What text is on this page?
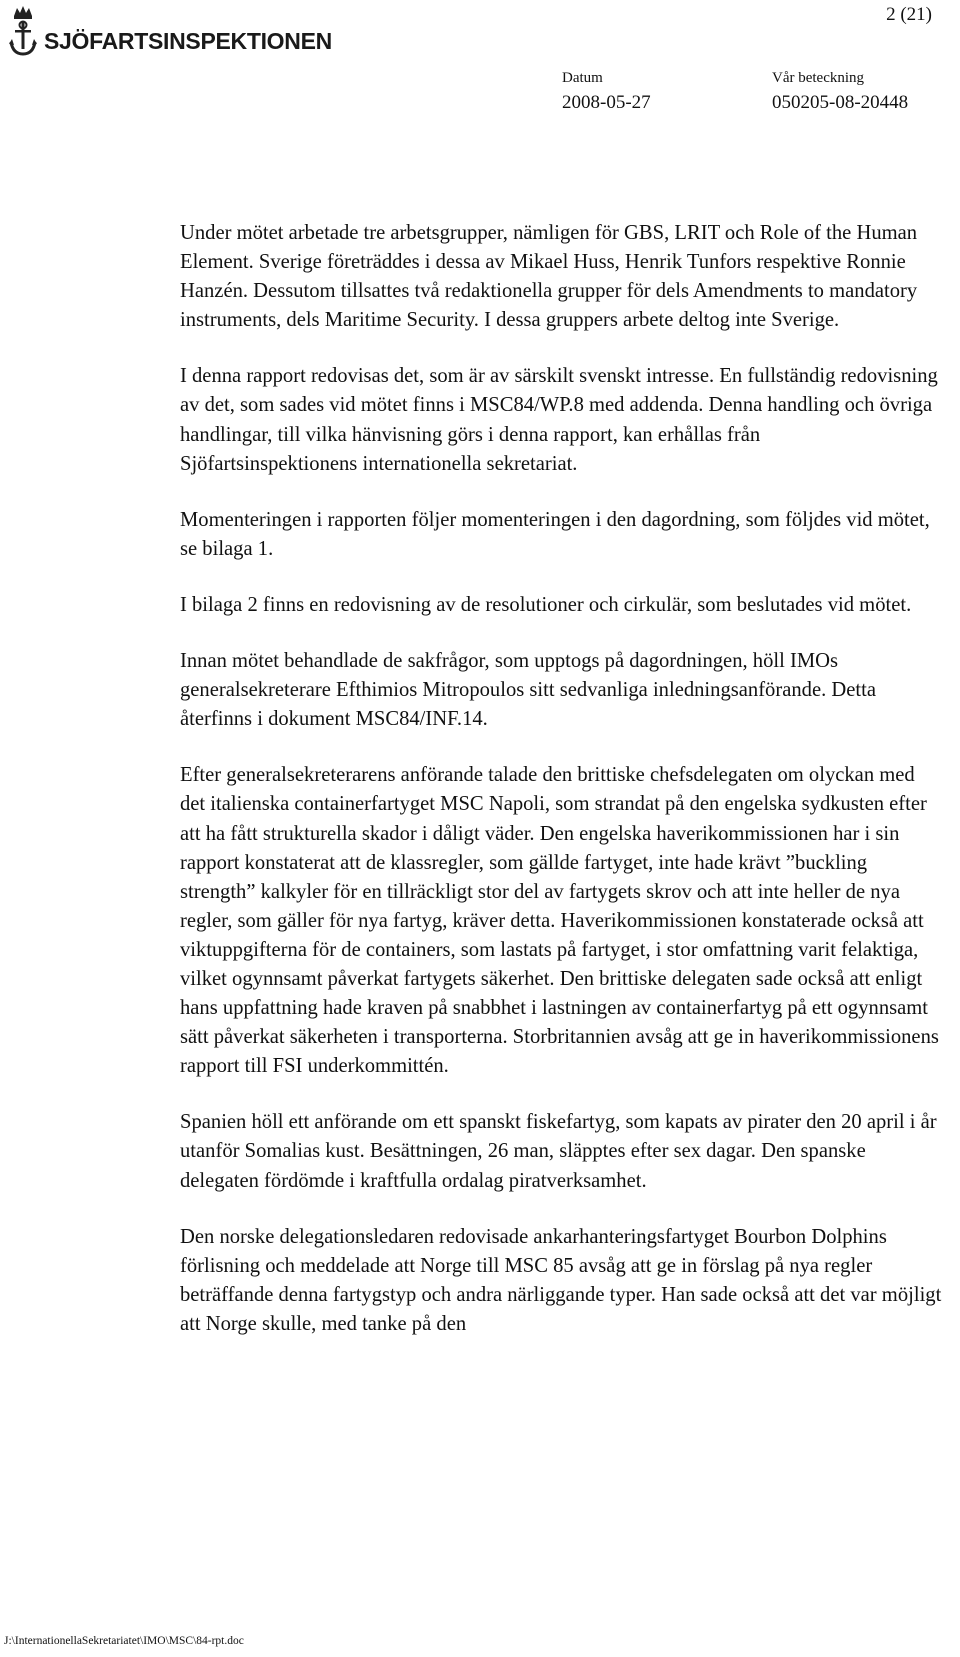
2 (21)
SJÖFARTSINSPEKTIONEN
Datum
2008-05-27
Vår beteckning
050205-08-20448

Under mötet arbetade tre arbetsgrupper, nämligen för GBS, LRIT och Role of the Human Element. Sverige företräddes i dessa av Mikael Huss, Henrik Tunfors respektive Ronnie Hanzén. Dessutom tillsattes två redaktionella grupper för dels Amendments to mandatory instruments, dels Maritime Security. I dessa gruppers arbete deltog inte Sverige.

I denna rapport redovisas det, som är av särskilt svenskt intresse. En fullständig redovisning av det, som sades vid mötet finns i MSC84/WP.8 med addenda. Denna handling och övriga handlingar, till vilka hänvisning görs i denna rapport, kan erhållas från Sjöfartsinspektionens internationella sekretariat.

Momenteringen i rapporten följer momenteringen i den dagordning, som följdes vid mötet, se bilaga 1.

I bilaga 2 finns en redovisning av de resolutioner och cirkulär, som beslutades vid mötet.

Innan mötet behandlade de sakfrågor, som upptogs på dagordningen, höll IMOs generalsekreterare Efthimios Mitropoulos sitt sedvanliga inledningsanförande. Detta återfinns i dokument MSC84/INF.14.

Efter generalsekreterarens anförande talade den brittiske chefsdelegaten om olyckan med det italienska containerfartyget MSC Napoli, som strandat på den engelska sydkusten efter att ha fått strukturella skador i dåligt väder. Den engelska haverikommissionen har i sin rapport konstaterat att de klassregler, som gällde fartyget, inte hade krävt ”buckling strength” kalkyler för en tillräckligt stor del av fartygets skrov och att inte heller de nya regler, som gäller för nya fartyg, kräver detta. Haverikommissionen konstaterade också att viktuppgifterna för de containers, som lastats på fartyget, i stor omfattning varit felaktiga, vilket ogynnsamt påverkat fartygets säkerhet. Den brittiske delegaten sade också att enligt hans uppfattning hade kraven på snabbhet i lastningen av containerfartyg på ett ogynnsamt sätt påverkat säkerheten i transporterna. Storbritannien avsåg att ge in haverikommissionens rapport till FSI underkommittén.

Spanien höll ett anförande om ett spanskt fiskefartyg, som kapats av pirater den 20 april i år utanför Somalias kust. Besättningen, 26 man, släpptes efter sex dagar. Den spanske delegaten fördömde i kraftfulla ordalag piratverksamhet.

Den norske delegationsledaren redovisade ankarhanteringsfartyget Bourbon Dolphins förlisning och meddelade att Norge till MSC 85 avsåg att ge in förslag på nya regler beträffande denna fartygstyp och andra närliggande typer. Han sade också att det var möjligt att Norge skulle, med tanke på den

J:\InternationellaSekretariatet\IMO\MSC\84-rpt.doc
